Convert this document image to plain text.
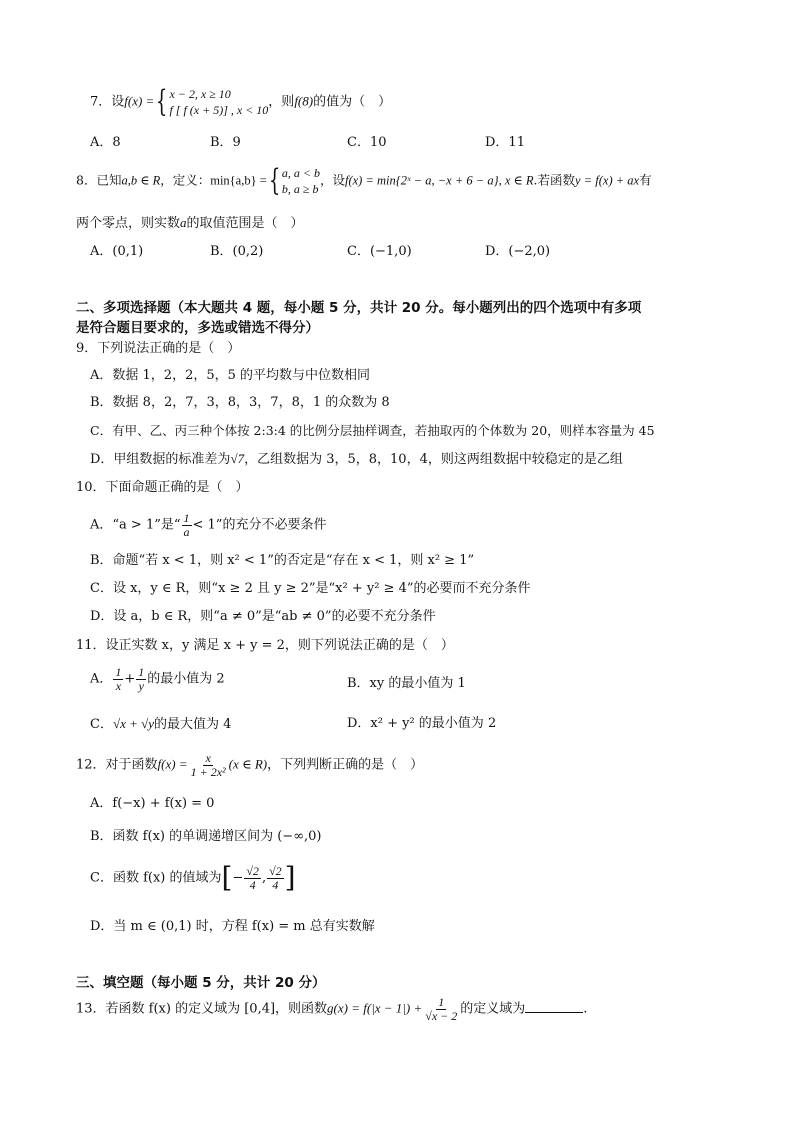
7．设f(x) ={ x − 2, x ≥ 10
f [ f (x + 5)] , x < 10
，则f(8)的值为（　）
A．8	B．9	C．10	D．11
8．已知a,b ∈ R，定义：min{a,b} ={ a, a < b
b, a ≥ b
，设f(x) = min{2ˣ − a, −x + 6 − a}, x ∈ R.若函数y = f(x) + ax有
两个零点，则实数a的取值范围是（　）
A．(0,1)	B．(0,2)	C．(−1,0)	D．(−2,0)
二、多项选择题（本大题共 4 题，每小题 5 分，共计 20 分。每小题列出的四个选项中有多项
是符合题目要求的，多选或错选不得分）
9．下列说法正确的是（　）
A．数据 1，2，2，5，5 的平均数与中位数相同
B．数据 8，2，7，3，8，3，7，8，1 的众数为 8
C．有甲、乙、丙三种个体按 2:3:4 的比例分层抽样调查，若抽取丙的个体数为 20，则样本容量为 45
D．甲组数据的标准差为√7，乙组数据为 3，5，8，10，4，则这两组数据中较稳定的是乙组
10．下面命题正确的是（　）
A．“a > 1”是“ $\frac{1}{a} < 1$”的充分不必要条件
B．命题“若 x < 1，则 x² < 1”的否定是“存在 x < 1，则 x² ≥ 1”
C．设 x，y ∈ R，则“x ≥ 2 且 y ≥ 2”是“x² + y² ≥ 4”的必要而不充分条件
D．设 a，b ∈ R，则“a ≠ 0”是“ab ≠ 0”的必要不充分条件
11．设正实数 x，y 满足 x + y = 2，则下列说法正确的是（　）
A． $\frac{1}{x} + \frac{1}{y}$ 的最小值为 2	B．xy 的最小值为 1
C．√x + √y的最大值为 4	D．x² + y² 的最小值为 2
12．对于函数$f(x) = \frac{x}{\text{1 + 2x²}} (x$ ∈ R)，下列判断正确的是（　）
A．f(−x) + f(x) = 0
B．函数 f(x) 的单调递增区间为 (−∞,0)
C．函数 f(x) 的值域为[− $\frac{√2}{4}$ , $\frac{√2}{4}$ ]
D．当 m ∈ (0,1) 时，方程 f(x) = m 总有实数解
三、填空题（每小题 5 分，共计 20 分）
13．若函数 f(x) 的定义域为 [0,4]，则函数$g(x) = f(|x - 1|) + \frac{1}{√x - 2}$ 的定义域为	.
